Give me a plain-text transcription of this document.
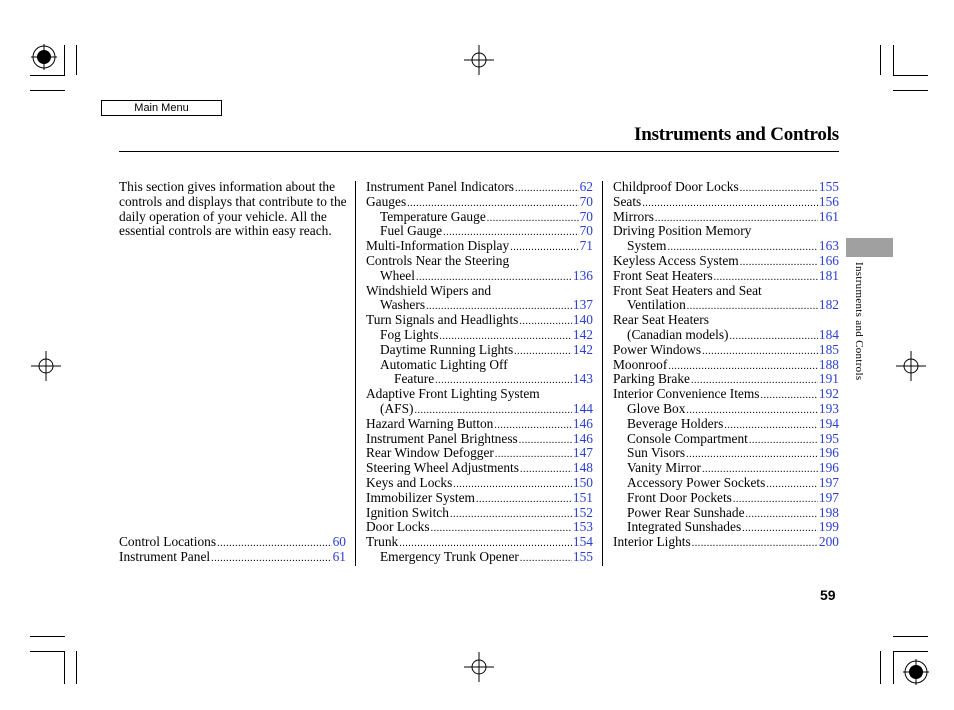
Main Menu
Instruments and Controls
This section gives information about the controls and displays that contribute to the daily operation of your vehicle. All the essential controls are within easy reach.
Control Locations .....	60
Instrument Panel .....	61
Instrument Panel Indicators .....	62
Gauges .....	70
Temperature Gauge .....	70
Fuel Gauge .....	70
Multi-Information Display .....	71
Controls Near the Steering
Wheel .....	136
Windshield Wipers and
Washers .....	137
Turn Signals and Headlights .....	140
Fog Lights .....	142
Daytime Running Lights .....	142
Automatic Lighting Off
Feature .....	143
Adaptive Front Lighting System
(AFS) .....	144
Hazard Warning Button .....	146
Instrument Panel Brightness .....	146
Rear Window Defogger .....	147
Steering Wheel Adjustments .....	148
Keys and Locks .....	150
Immobilizer System .....	151
Ignition Switch .....	152
Door Locks .....	153
Trunk .....	154
Emergency Trunk Opener .....	155
Childproof Door Locks .....	155
Seats .....	156
Mirrors .....	161
Driving Position Memory
System .....	163
Keyless Access System .....	166
Front Seat Heaters .....	181
Front Seat Heaters and Seat
Ventilation .....	182
Rear Seat Heaters
(Canadian models) .....	184
Power Windows .....	185
Moonroof .....	188
Parking Brake .....	191
Interior Convenience Items .....	192
Glove Box .....	193
Beverage Holders .....	194
Console Compartment .....	195
Sun Visors .....	196
Vanity Mirror .....	196
Accessory Power Sockets .....	197
Front Door Pockets .....	197
Power Rear Sunshade .....	198
Integrated Sunshades .....	199
Interior Lights .....	200
Instruments and Controls
59
